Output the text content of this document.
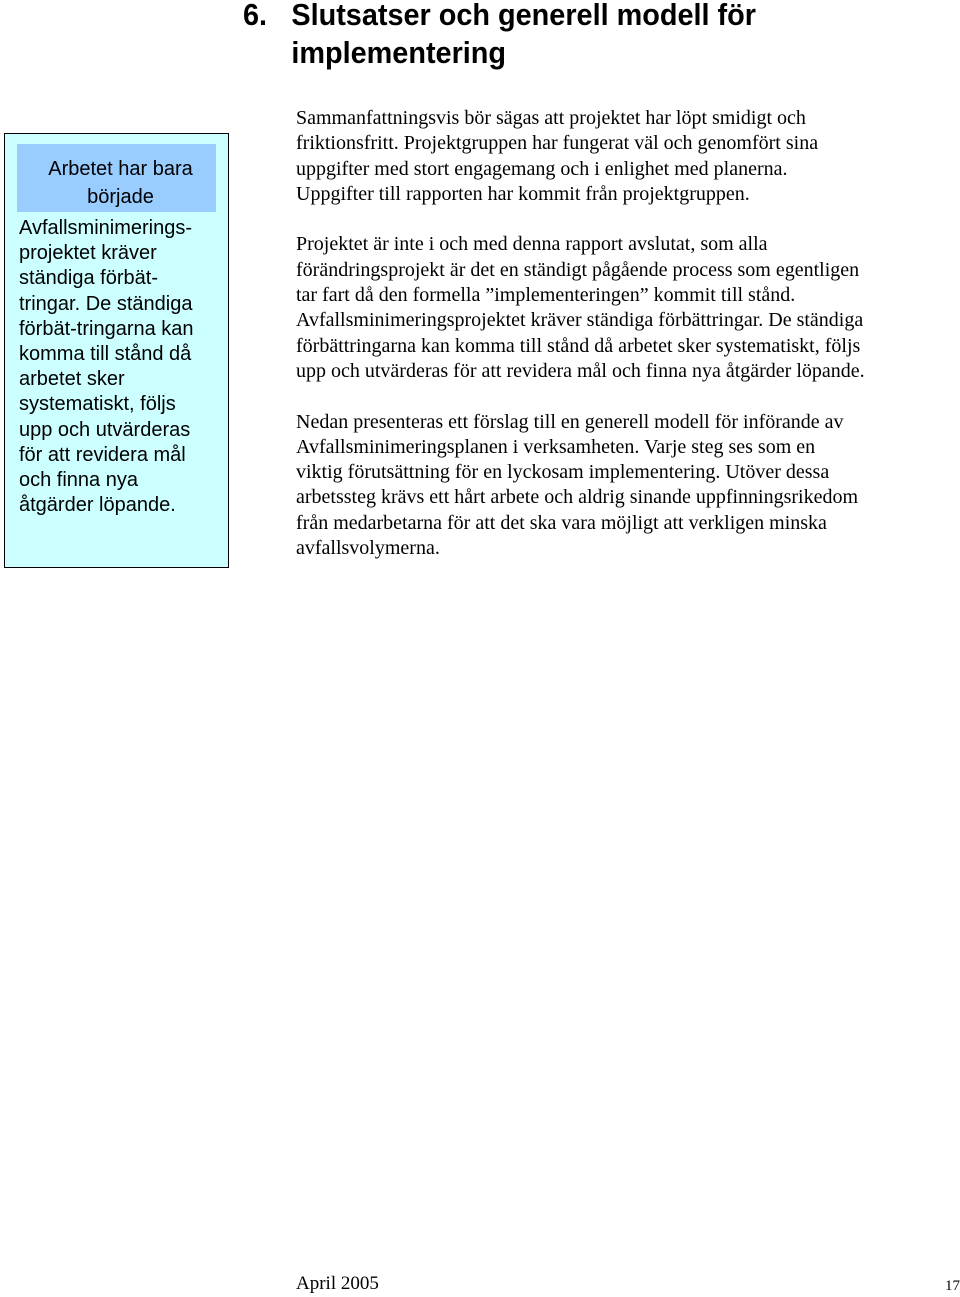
6. Slutsatser och generell modell för
implementering
Arbetet har bara började
Avfallsminimerings-
projektet kräver
ständiga förbät-
tringar. De ständiga
förbät-tringarna kan
komma till stånd då
arbetet sker
systematiskt, följs
upp och utvärderas
för att revidera mål
och finna nya
åtgärder löpande.

Sammanfattningsvis bör sägas att projektet har löpt smidigt och
friktionsfritt. Projektgruppen har fungerat väl och genomfört sina
uppgifter med stort engagemang och i enlighet med planerna.
Uppgifter till rapporten har kommit från projektgruppen.

Projektet är inte i och med denna rapport avslutat, som alla
förändringsprojekt är det en ständigt pågående process som egentligen
tar fart då den formella ”implementeringen” kommit till stånd.
Avfallsminimeringsprojektet kräver ständiga förbättringar. De ständiga
förbättringarna kan komma till stånd då arbetet sker systematiskt, följs
upp och utvärderas för att revidera mål och finna nya åtgärder löpande.

Nedan presenteras ett förslag till en generell modell för införande av
Avfallsminimeringsplanen i verksamheten. Varje steg ses som en
viktig förutsättning för en lyckosam implementering. Utöver dessa
arbetssteg krävs ett hårt arbete och aldrig sinande uppfinningsrikedom
från medarbetarna för att det ska vara möjligt att verkligen minska
avfallsvolymerna.

April 2005	17
